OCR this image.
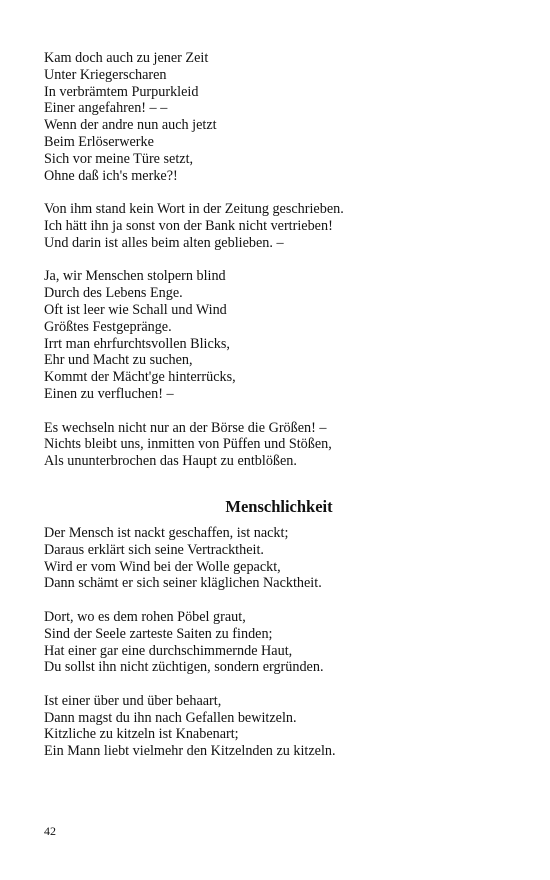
Kam doch auch zu jener Zeit
Unter Kriegerscharen
In verbrämtem Purpurkleid
Einer angefahren! – –
Wenn der andre nun auch jetzt
Beim Erlöserwerke
Sich vor meine Türe setzt,
Ohne daß ich's merke?!
Von ihm stand kein Wort in der Zeitung geschrieben.
Ich hätt ihn ja sonst von der Bank nicht vertrieben!
Und darin ist alles beim alten geblieben. –
Ja, wir Menschen stolpern blind
Durch des Lebens Enge.
Oft ist leer wie Schall und Wind
Größtes Festgepränge.
Irrt man ehrfurchtsvollen Blicks,
Ehr und Macht zu suchen,
Kommt der Mächt'ge hinterrücks,
Einen zu verfluchen! –
Es wechseln nicht nur an der Börse die Größen! –
Nichts bleibt uns, inmitten von Püffen und Stößen,
Als ununterbrochen das Haupt zu entblößen.
Menschlichkeit
Der Mensch ist nackt geschaffen, ist nackt;
Daraus erklärt sich seine Vertracktheit.
Wird er vom Wind bei der Wolle gepackt,
Dann schämt er sich seiner kläglichen Nacktheit.
Dort, wo es dem rohen Pöbel graut,
Sind der Seele zarteste Saiten zu finden;
Hat einer gar eine durchschimmernde Haut,
Du sollst ihn nicht züchtigen, sondern ergründen.
Ist einer über und über behaart,
Dann magst du ihn nach Gefallen bewitzeln.
Kitzliche zu kitzeln ist Knabenart;
Ein Mann liebt vielmehr den Kitzelnden zu kitzeln.
42
